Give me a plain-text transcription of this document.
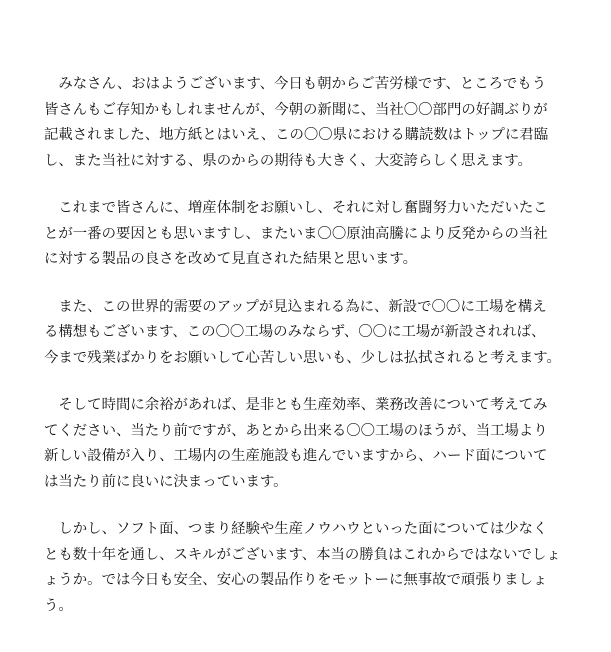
　みなさん、おはようございます、今日も朝からご苦労様です、ところでもう
皆さんもご存知かもしれませんが、今朝の新聞に、当社〇〇部門の好調ぶりが
記載されました、地方紙とはいえ、この〇〇県における購読数はトップに君臨
し、また当社に対する、県のからの期待も大きく、大変誇らしく思えます。

　これまで皆さんに、増産体制をお願いし、それに対し奮闘努力いただいたこ
とが一番の要因とも思いますし、またいま〇〇原油高騰により反発からの当社
に対する製品の良さを改めて見直された結果と思います。

　また、この世界的需要のアップが見込まれる為に、新設で〇〇に工場を構え
る構想もございます、この〇〇工場のみならず、〇〇に工場が新設されれば、
今まで残業ばかりをお願いして心苦しい思いも、少しは払拭されると考えます。

　そして時間に余裕があれば、是非とも生産効率、業務改善について考えてみ
てください、当たり前ですが、あとから出来る〇〇工場のほうが、当工場より
新しい設備が入り、工場内の生産施設も進んでいますから、ハード面について
は当たり前に良いに決まっています。

　しかし、ソフト面、つまり経験や生産ノウハウといった面については少なく
とも数十年を通し、スキルがございます、本当の勝負はこれからではないでしょ
ょうか。では今日も安全、安心の製品作りをモットーに無事故で頑張りましょ
う。
